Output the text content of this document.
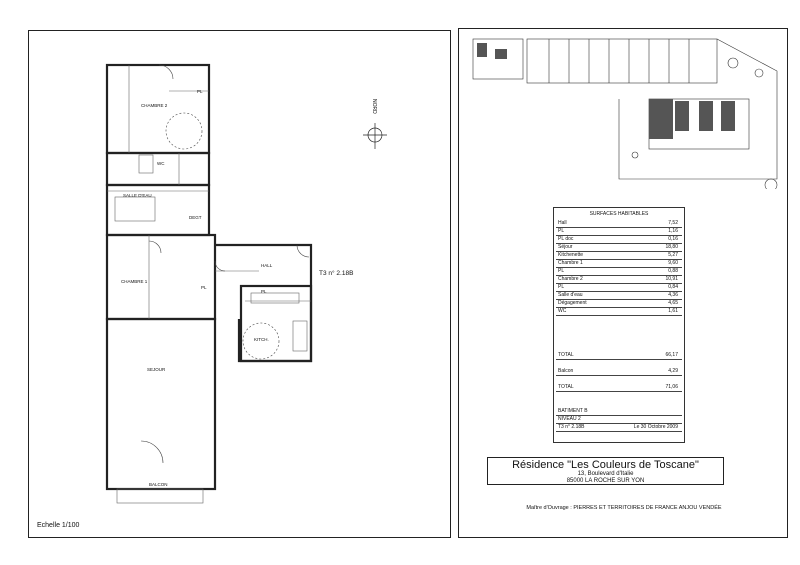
CHAMBRE 2
PL
WC
SALLE D'EAU
DEGT
CHAMBRE 1
HALL
PL
PL
KITCH.
SEJOUR
BALCON
T3 n° 2.18B
NORD
Echelle 1/100
SURFACES HABITABLES
Hall	7,52
PL	1,16
PL doc	0,16
Séjour	18,80
Kitchenette	5,27
Chambre 1	9,60
PL	0,88
Chambre 2	10,91
PL	0,84
Salle d'eau	4,36
Dégagement	4,65
WC	1,61
TOTAL	66,17
Balcon	4,29
TOTAL	71,06
BATIMENT B
NIVEAU 2
T3 n° 2.18B	Le 30 Octobre 2009
Résidence "Les Couleurs de Toscane"
13, Boulevard d'Italie
85000 LA ROCHE SUR YON
Maître d'Ouvrage : PIERRES ET TERRITOIRES DE FRANCE ANJOU VENDÉE
